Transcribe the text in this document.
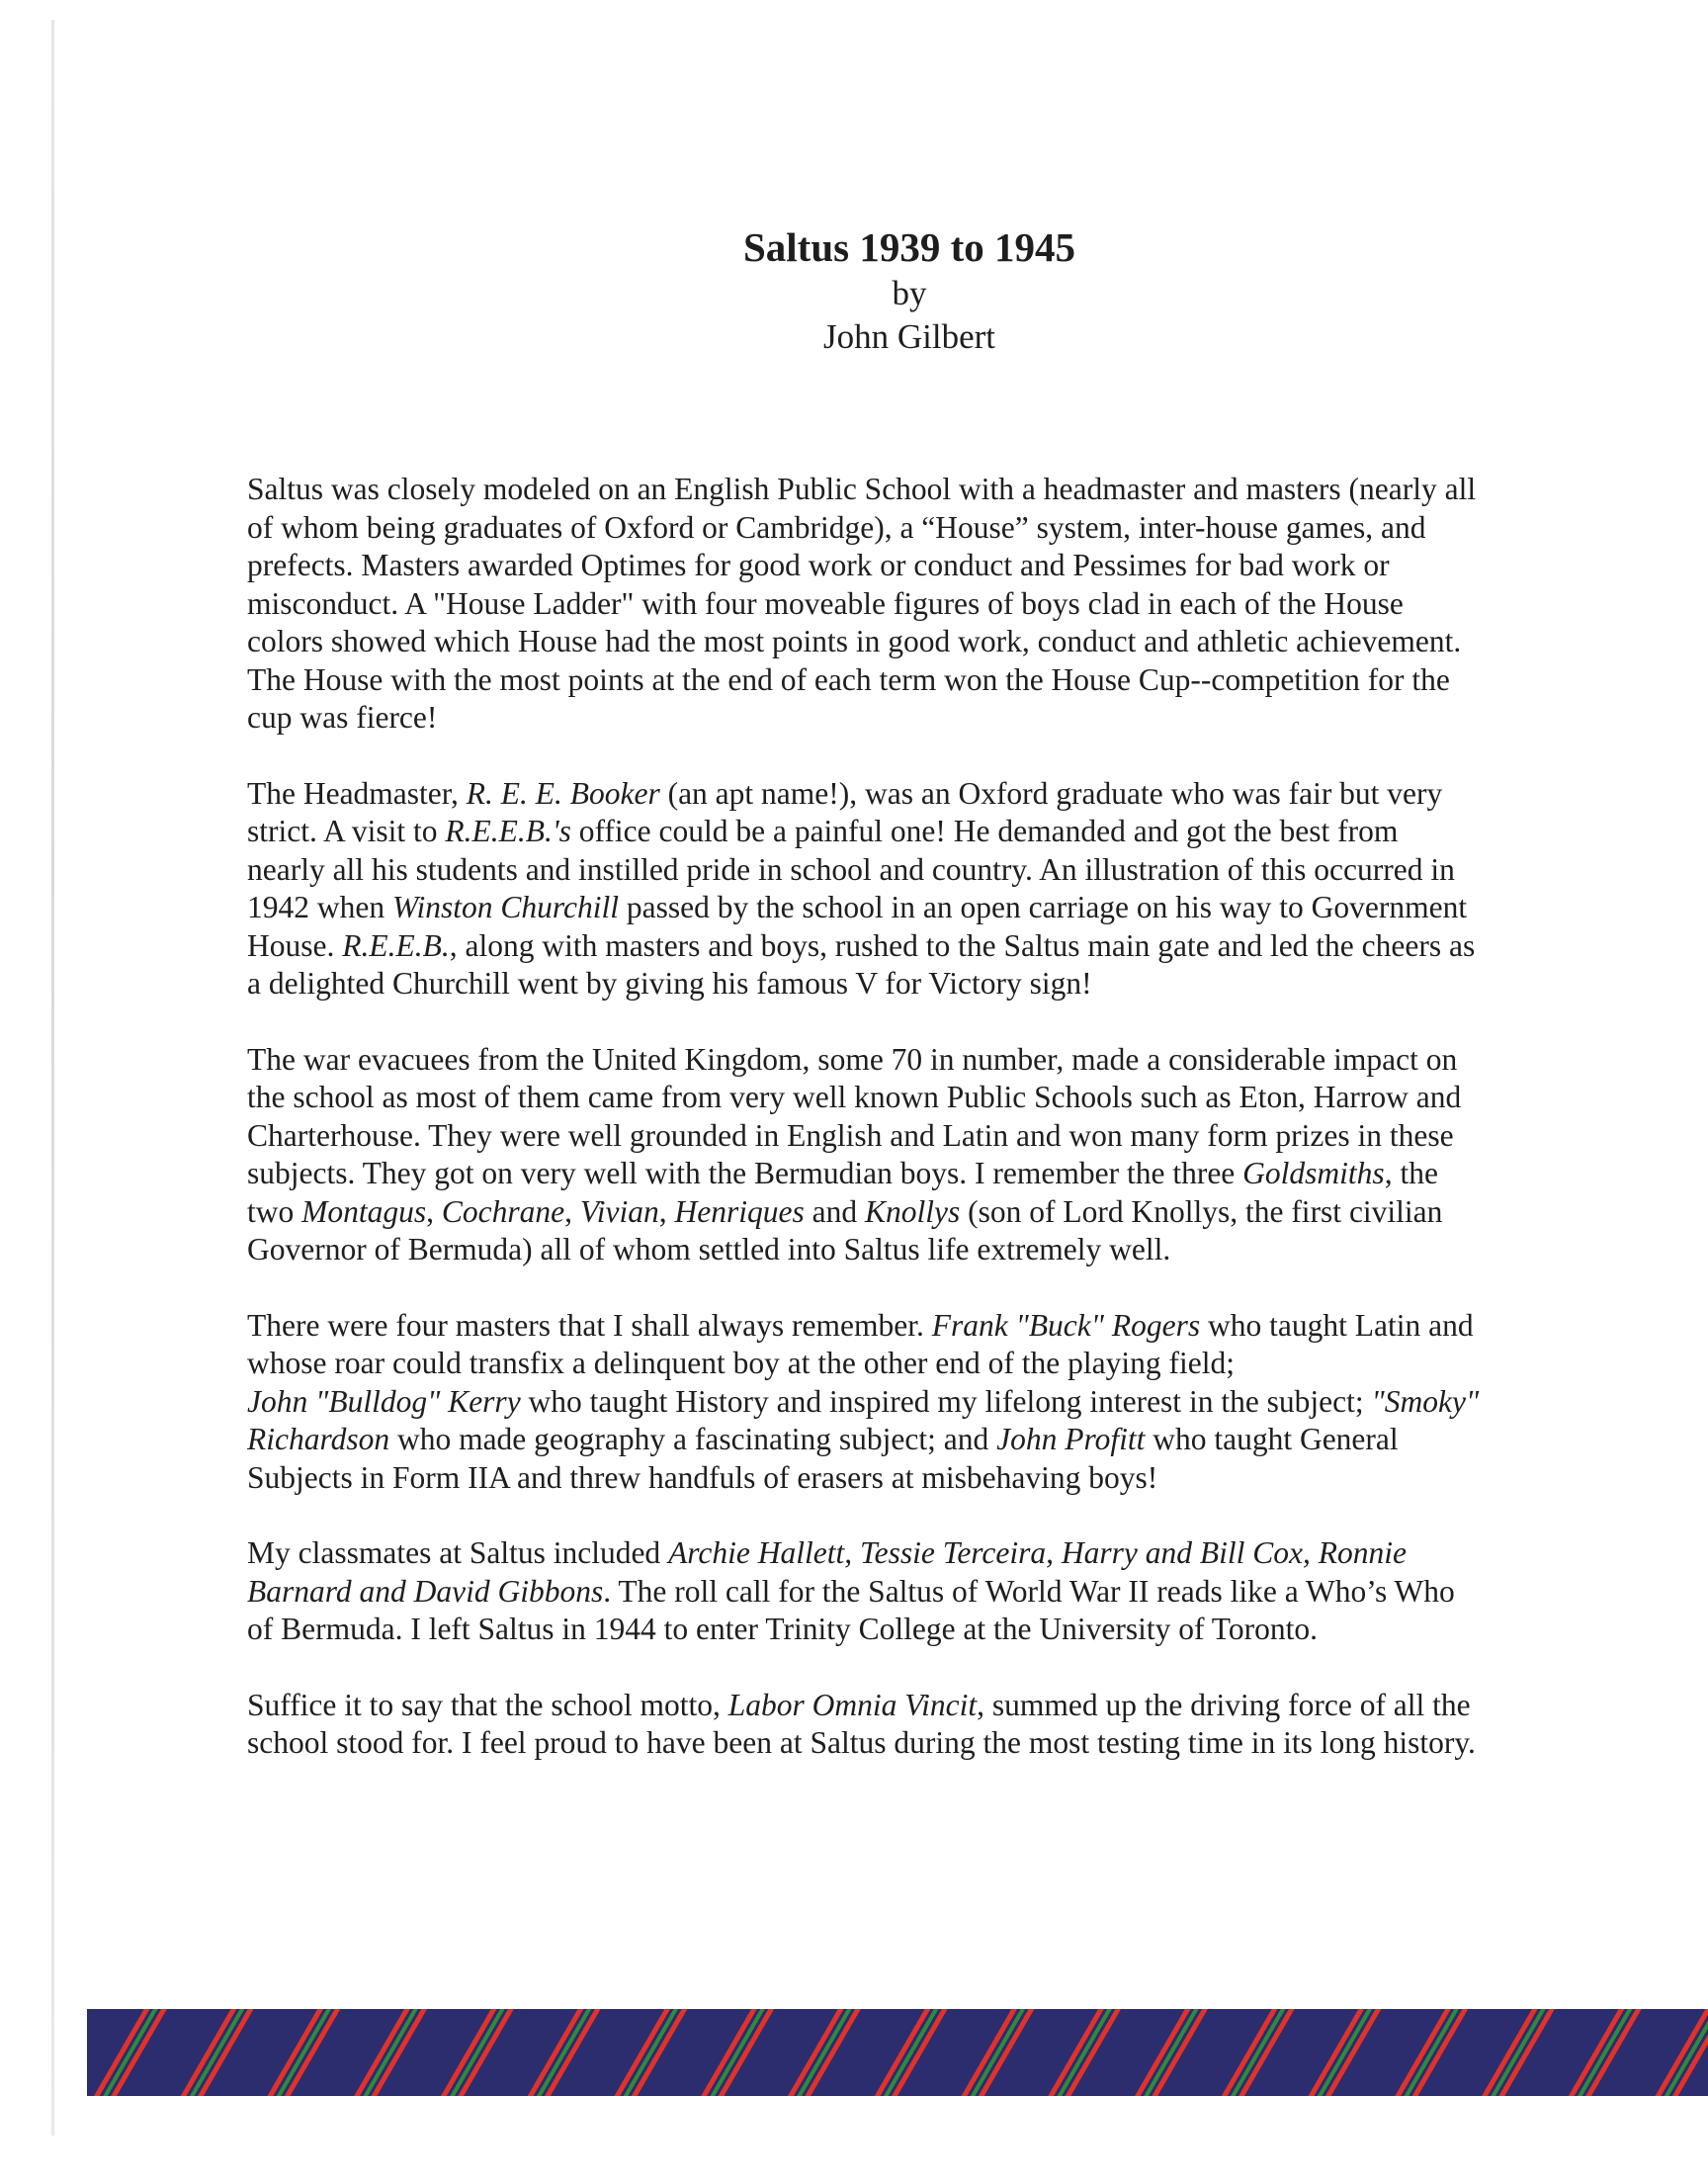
Saltus 1939 to 1945
by
John Gilbert
Saltus was closely modeled on an English Public School with a headmaster and masters (nearly all
of whom being graduates of Oxford or Cambridge), a “House” system, inter-house games, and
prefects. Masters awarded Optimes for good work or conduct and Pessimes for bad work or
misconduct. A "House Ladder" with four moveable figures of boys clad in each of the House
colors showed which House had the most points in good work, conduct and athletic achievement.
The House with the most points at the end of each term won the House Cup--competition for the
cup was fierce!
The Headmaster, R. E. E. Booker (an apt name!), was an Oxford graduate who was fair but very
strict. A visit to R.E.E.B.'s office could be a painful one! He demanded and got the best from
nearly all his students and instilled pride in school and country. An illustration of this occurred in
1942 when Winston Churchill passed by the school in an open carriage on his way to Government
House. R.E.E.B., along with masters and boys, rushed to the Saltus main gate and led the cheers as
a delighted Churchill went by giving his famous V for Victory sign!
The war evacuees from the United Kingdom, some 70 in number, made a considerable impact on
the school as most of them came from very well known Public Schools such as Eton, Harrow and
Charterhouse. They were well grounded in English and Latin and won many form prizes in these
subjects. They got on very well with the Bermudian boys. I remember the three Goldsmiths, the
two Montagus, Cochrane, Vivian, Henriques and Knollys (son of Lord Knollys, the first civilian
Governor of Bermuda) all of whom settled into Saltus life extremely well.
There were four masters that I shall always remember. Frank "Buck" Rogers who taught Latin and
whose roar could transfix a delinquent boy at the other end of the playing field;
John "Bulldog" Kerry who taught History and inspired my lifelong interest in the subject; "Smoky"
Richardson who made geography a fascinating subject; and John Profitt who taught General
Subjects in Form IIA and threw handfuls of erasers at misbehaving boys!
My classmates at Saltus included Archie Hallett, Tessie Terceira, Harry and Bill Cox, Ronnie
Barnard and David Gibbons. The roll call for the Saltus of World War II reads like a Who’s Who
of Bermuda. I left Saltus in 1944 to enter Trinity College at the University of Toronto.
Suffice it to say that the school motto, Labor Omnia Vincit, summed up the driving force of all the
school stood for. I feel proud to have been at Saltus during the most testing time in its long history.
